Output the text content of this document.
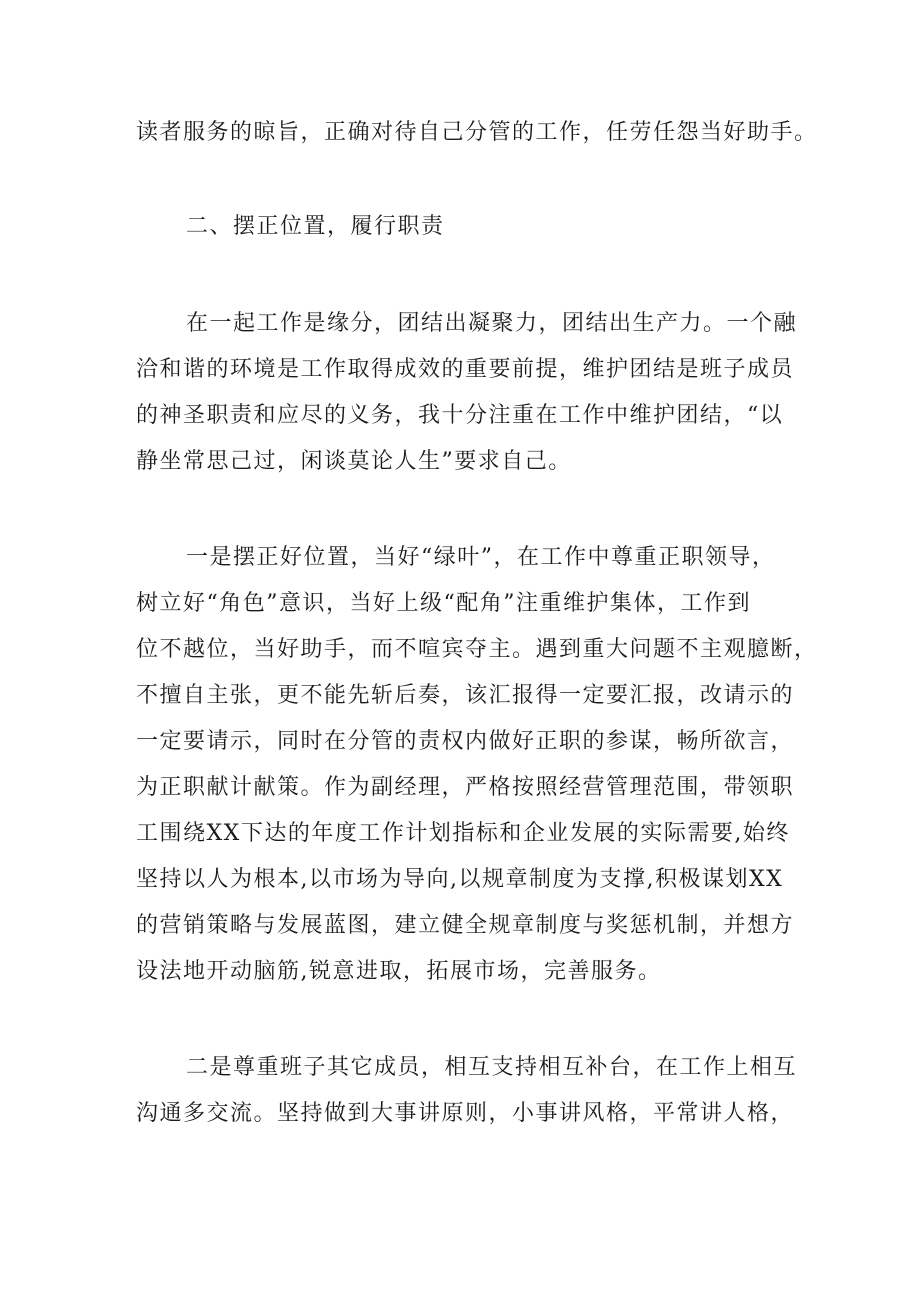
读者服务的晾旨，正确对待自己分管的工作，任劳任怨当好助手。
二、摆正位置，履行职责
在一起工作是缘分，团结出凝聚力，团结出生产力。一个融
洽和谐的环境是工作取得成效的重要前提，维护团结是班子成员
的神圣职责和应尽的义务，我十分注重在工作中维护团结，“以
静坐常思己过，闲谈莫论人生”要求自己。
一是摆正好位置，当好“绿叶”，在工作中尊重正职领导，
树立好“角色”意识，当好上级“配角”注重维护集体，工作到
位不越位，当好助手，而不喧宾夺主。遇到重大问题不主观臆断，
不擅自主张，更不能先斩后奏，该汇报得一定要汇报，改请示的
一定要请示，同时在分管的责权内做好正职的参谋，畅所欲言，
为正职献计献策。作为副经理，严格按照经营管理范围，带领职
工围绕XX下达的年度工作计划指标和企业发展的实际需要,始终
坚持以人为根本,以市场为导向,以规章制度为支撑,积极谋划XX
的营销策略与发展蓝图，建立健全规章制度与奖惩机制，并想方
设法地开动脑筋,锐意进取，拓展市场，完善服务。
二是尊重班子其它成员，相互支持相互补台，在工作上相互
沟通多交流。坚持做到大事讲原则，小事讲风格，平常讲人格，
